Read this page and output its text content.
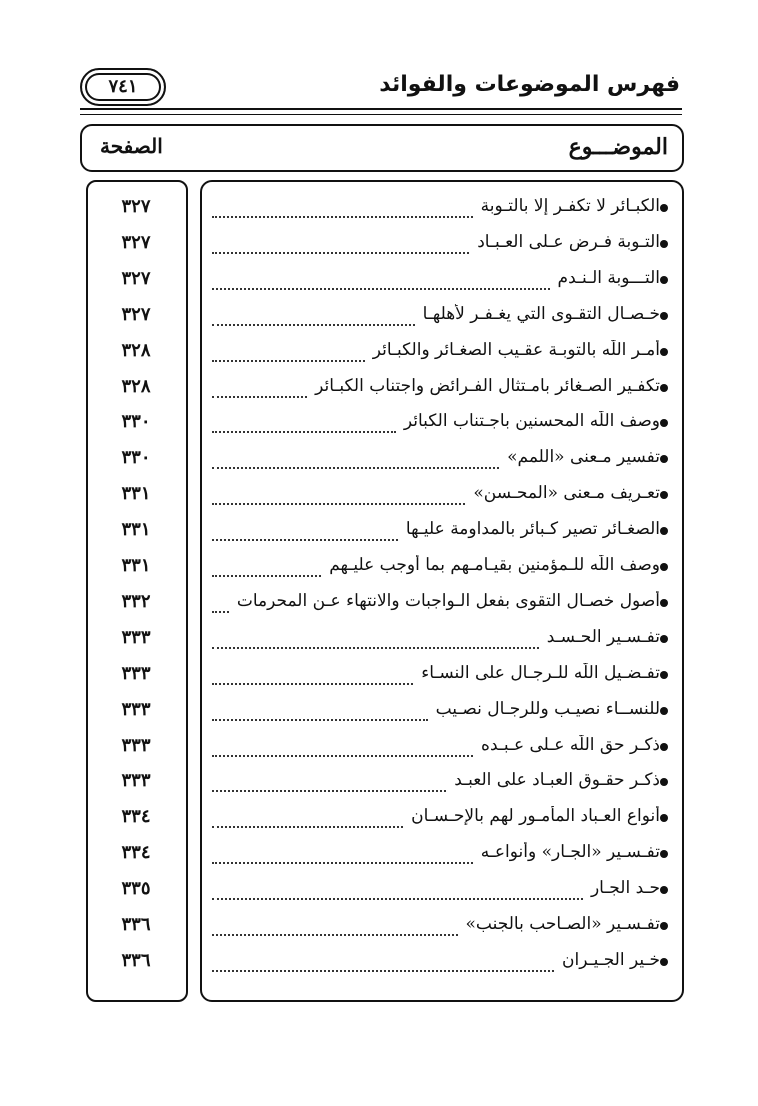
فهرس الموضوعات والفوائد
٧٤١
الموضـــوع
الصفحة
٣٢٧	الكبـائر لا تكفـر إلا بالتـوبة
٣٢٧	التـوبة فـرض عـلى العـبـاد
٣٢٧	التـــوبة الـنـدم
٣٢٧	خـصـال التقـوى التي يغـفـر لأهلهـا
٣٢٨	أمـر اللّٰه بالتوبـة عقـيب الصغـائر والكبـائر
٣٢٨	تكفـير الصـغائر بامـتثال الفـرائض واجتناب الكبـائر
٣٣٠	وصف اللّٰه المحسنين باجـتناب الكبائر
٣٣٠	تفسير مـعنى «اللمم»
٣٣١	تعـريف مـعنى «المحـسن»
٣٣١	الصغـائر تصير كـبائر بالمداومة عليـها
٣٣١	وصف اللّٰه للـمؤمنين بقيـامـهم بما أوجب عليـهم
٣٣٢	أصول خصـال التقوى بفعل الـواجبات والانتهاء عـن المحرمات
٣٣٣	تفـسـير الحـسـد
٣٣٣	تفـضـيل اللّٰه للـرجـال على النسـاء
٣٣٣	للنســاء نصيـب وللرجـال نصـيب
٣٣٣	ذكـر حق اللّٰه عـلى عـبـده
٣٣٣	ذكـر حقـوق العبـاد على العبـد
٣٣٤	أنواع العـباد المأمـور لهم بالإحـسـان
٣٣٤	تفـسـير «الجـار» وأنواعـه
٣٣٥	حـد الجـار
٣٣٦	تفـسـير «الصـاحب بالجنب»
٣٣٦	خـير الجـيـران
